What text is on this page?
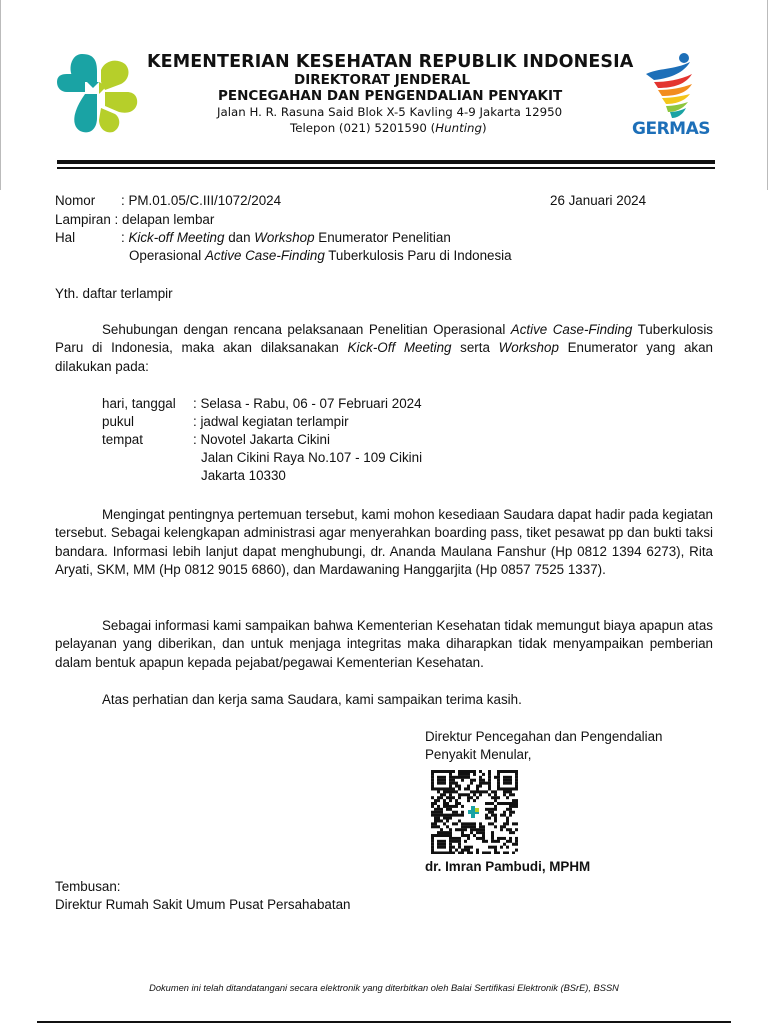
KEMENTERIAN KESEHATAN REPUBLIK INDONESIA
DIREKTORAT JENDERAL
PENCEGAHAN DAN PENGENDALIAN PENYAKIT
Jalan H. R. Rasuna Said Blok X-5 Kavling 4-9 Jakarta 12950
Telepon (021) 5201590 (Hunting)	GERMAS
Nomor	: PM.01.05/C.III/1072/2024	26 Januari 2024
Lampiran : delapan lembar
Hal	: Kick-off Meeting dan Workshop Enumerator Penelitian
Operasional Active Case-Finding Tuberkulosis Paru di Indonesia
Yth. daftar terlampir
Sehubungan dengan rencana pelaksanaan Penelitian Operasional Active Case-Finding Tuberkulosis Paru di Indonesia, maka akan dilaksanakan Kick-Off Meeting serta Workshop Enumerator yang akan dilakukan pada:
hari, tanggal	: Selasa - Rabu, 06 - 07 Februari 2024
pukul	: jadwal kegiatan terlampir
tempat	: Novotel Jakarta Cikini
Jalan Cikini Raya No.107 - 109 Cikini
Jakarta 10330
Mengingat pentingnya pertemuan tersebut, kami mohon kesediaan Saudara dapat hadir pada kegiatan tersebut. Sebagai kelengkapan administrasi agar menyerahkan boarding pass, tiket pesawat pp dan bukti taksi bandara. Informasi lebih lanjut dapat menghubungi, dr. Ananda Maulana Fanshur (Hp 0812 1394 6273), Rita Aryati, SKM, MM (Hp 0812 9015 6860), dan Mardawaning Hanggarjita (Hp 0857 7525 1337).
Sebagai informasi kami sampaikan bahwa Kementerian Kesehatan tidak memungut biaya apapun atas pelayanan yang diberikan, dan untuk menjaga integritas maka diharapkan tidak menyampaikan pemberian dalam bentuk apapun kepada pejabat/pegawai Kementerian Kesehatan.
Atas perhatian dan kerja sama Saudara, kami sampaikan terima kasih.
Direktur Pencegahan dan Pengendalian
Penyakit Menular,
dr. Imran Pambudi, MPHM
Tembusan:
Direktur Rumah Sakit Umum Pusat Persahabatan
Dokumen ini telah ditandatangani secara elektronik yang diterbitkan oleh Balai Sertifikasi Elektronik (BSrE), BSSN
